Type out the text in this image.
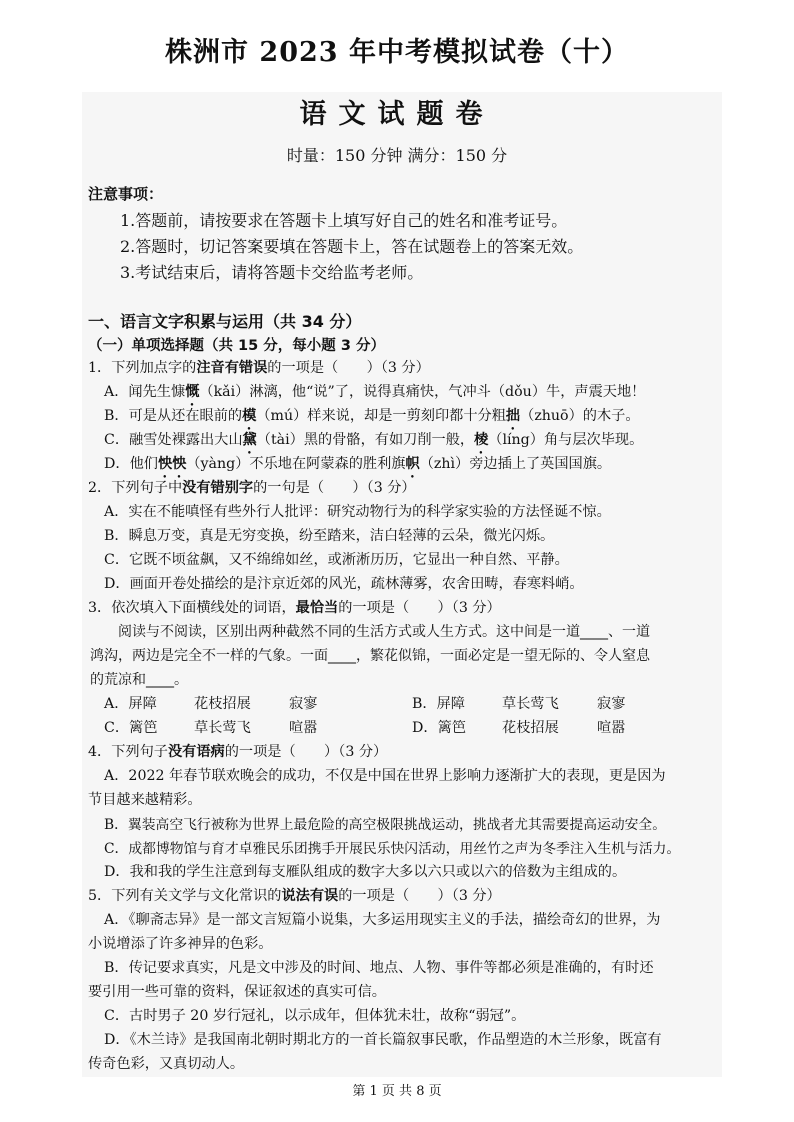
株洲市 2023 年中考模拟试卷（十）
语文试题卷
时量：150 分钟 满分：150 分
注意事项：
1.答题前，请按要求在答题卡上填写好自己的姓名和准考证号。
2.答题时，切记答案要填在答题卡上，答在试题卷上的答案无效。
3.考试结束后，请将答题卡交给监考老师。
一、语言文字积累与运用（共 34 分）
（一）单项选择题（共 15 分，每小题 3 分）
1．下列加点字的注音有错误的一项是（　　）（3 分）
A．闻先生慷慨（kǎi）淋漓，他“说”了，说得真痛快，气冲斗（dǒu）牛，声震天地！
B．可是从还在眼前的模（mú）样来说，却是一剪刻印都十分粗拙（zhuō）的木子。
C．融雪处裸露出大山黛（tài）黑的骨骼，有如刀削一般，棱（líng）角与层次毕现。
D．他们怏怏（yàng）不乐地在阿蒙森的胜利旗帜（zhì）旁边插上了英国国旗。
2．下列句子中没有错别字的一句是（　　）（3 分）
A．实在不能嗔怪有些外行人批评：研究动物行为的科学家实验的方法怪诞不惊。
B．瞬息万变，真是无穷变换，纷至踏来，洁白轻薄的云朵，微光闪烁。
C．它既不顷盆飙，又不绵绵如丝，或淅淅历历，它显出一种自然、平静。
D．画面开卷处描绘的是汴京近郊的风光，疏林薄雾，农舍田畴，春寒料峭。
3．依次填入下面横线处的词语，最恰当的一项是（　　）（3 分）
阅读与不阅读，区别出两种截然不同的生活方式或人生方式。这中间是一道____、一道
鸿沟，两边是完全不一样的气象。一面____，繁花似锦，一面必定是一望无际的、令人窒息
的荒凉和____。
A．屏障	花枝招展	寂寥	B．屏障	草长莺飞	寂寥
C．篱笆	草长莺飞	喧嚣	D．篱笆	花枝招展	喧嚣
4．下列句子没有语病的一项是（　　）（3 分）
A．2022 年春节联欢晚会的成功，不仅是中国在世界上影响力逐渐扩大的表现，更是因为
节目越来越精彩。
B．翼装高空飞行被称为世界上最危险的高空极限挑战运动，挑战者尤其需要提高运动安全。
C．成都博物馆与育才卓雅民乐团携手开展民乐快闪活动，用丝竹之声为冬季注入生机与活力。
D．我和我的学生注意到每支雁队组成的数字大多以六只或以六的倍数为主组成的。
5．下列有关文学与文化常识的说法有误的一项是（　　）（3 分）
A．《聊斋志异》是一部文言短篇小说集，大多运用现实主义的手法，描绘奇幻的世界，为
小说增添了许多神异的色彩。
B．传记要求真实，凡是文中涉及的时间、地点、人物、事件等都必须是准确的，有时还
要引用一些可靠的资料，保证叙述的真实可信。
C．古时男子 20 岁行冠礼，以示成年，但体犹未壮，故称“弱冠”。
D．《木兰诗》是我国南北朝时期北方的一首长篇叙事民歌，作品塑造的木兰形象，既富有
传奇色彩，又真切动人。
第 1 页 共 8 页
